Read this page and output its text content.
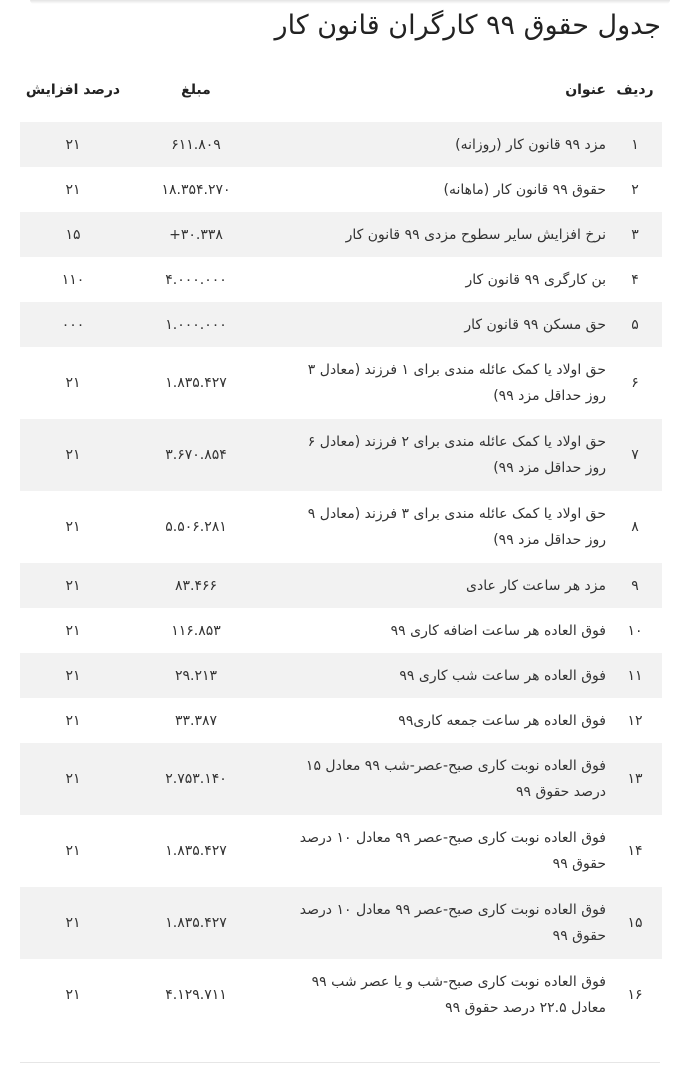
جدول حقوق ۹۹ کارگران قانون کار
ردیف	عنوان	مبلغ	درصد افزایش
۱	مزد ۹۹ قانون کار (روزانه)	۶۱۱.۸۰۹	۲۱
۲	حقوق ۹۹ قانون کار (ماهانه)	۱۸.۳۵۴.۲۷۰	۲۱
۳	نرخ افزایش سایر سطوح مزدی ۹۹ قانون کار	۳۰.۳۳۸+	۱۵
۴	بن کارگری ۹۹ قانون کار	۴.۰۰۰.۰۰۰	۱۱۰
۵	حق مسکن ۹۹ قانون کار	۱.۰۰۰.۰۰۰	۰۰۰
۶	حق اولاد یا کمک عائله مندی برای ۱ فرزند (معادل ۳ روز حداقل مزد ۹۹)	۱.۸۳۵.۴۲۷	۲۱
۷	حق اولاد یا کمک عائله مندی برای ۲ فرزند (معادل ۶ روز حداقل مزد ۹۹)	۳.۶۷۰.۸۵۴	۲۱
۸	حق اولاد یا کمک عائله مندی برای ۳ فرزند (معادل ۹ روز حداقل مزد ۹۹)	۵.۵۰۶.۲۸۱	۲۱
۹	مزد هر ساعت کار عادی	۸۳.۴۶۶	۲۱
۱۰	فوق العاده هر ساعت اضافه کاری ۹۹	۱۱۶.۸۵۳	۲۱
۱۱	فوق العاده هر ساعت شب کاری ۹۹	۲۹.۲۱۳	۲۱
۱۲	فوق العاده هر ساعت جمعه کاری۹۹	۳۳.۳۸۷	۲۱
۱۳	فوق العاده نوبت کاری صبح-عصر-شب ۹۹ معادل ۱۵ درصد حقوق ۹۹	۲.۷۵۳.۱۴۰	۲۱
۱۴	فوق العاده نوبت کاری صبح-عصر ۹۹ معادل ۱۰ درصد حقوق ۹۹	۱.۸۳۵.۴۲۷	۲۱
۱۵	فوق العاده نوبت کاری صبح-عصر ۹۹ معادل ۱۰ درصد حقوق ۹۹	۱.۸۳۵.۴۲۷	۲۱
۱۶	فوق العاده نوبت کاری صبح-شب و یا عصر شب ۹۹ معادل ۲۲.۵ درصد حقوق ۹۹	۴.۱۲۹.۷۱۱	۲۱
